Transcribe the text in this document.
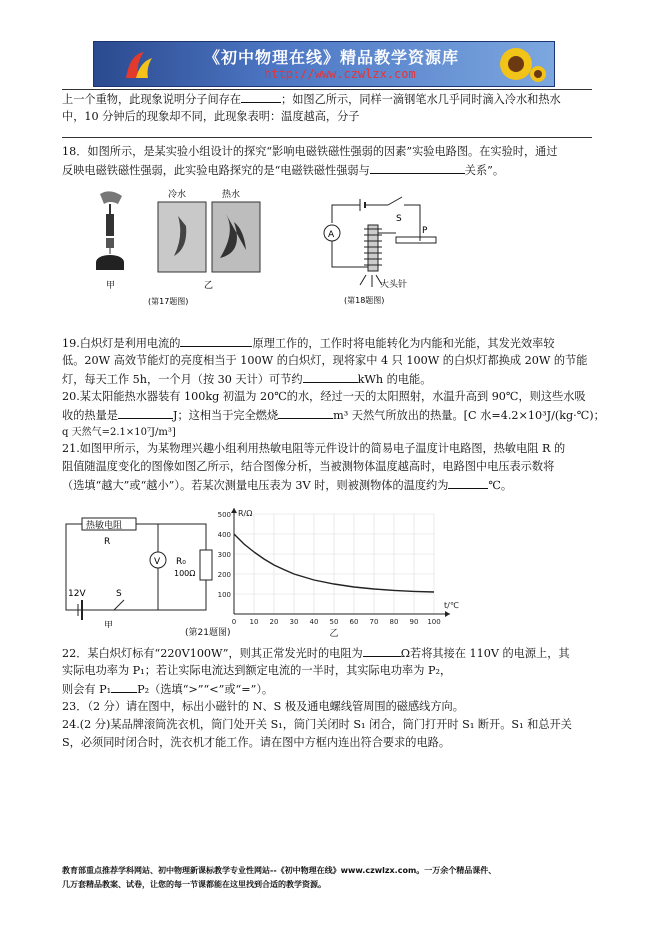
《初中物理在线》精品教学资源库
http://www.czwlzx.com
上一个重物，此现象说明分子间存在	；如图乙所示，同样一滴钢笔水几乎同时滴入冷水和热水
中，10 分钟后的现象却不同，此现象表明：温度越高，分子
18．如图所示，是某实验小组设计的探究“影响电磁铁磁性强弱的因素”实验电路图。在实验时，通过
反映电磁铁磁性强弱，此实验电路探究的是“电磁铁磁性强弱与	关系”。
冷水	热水
甲	乙
(第17题图)
S
A	P
大头针
(第18题图)
19.白炽灯是利用电流的	原理工作的，工作时将电能转化为内能和光能，其发光效率较
低。20W 高效节能灯的亮度相当于 100W 的白炽灯，现将家中 4 只 100W 的白炽灯都换成 20W 的节能
灯，每天工作 5h，一个月（按 30 天计）可节约	kWh 的电能。
20.某太阳能热水器装有 100kg 初温为 20℃的水，经过一天的太阳照射，水温升高到 90℃，则这些水吸
收的热量是	J；这相当于完全燃烧	m³ 天然气所放出的热量。[C 水=4.2×10³J/(kg·℃)；
q 天然气=2.1×10⁷J/m³]
21.如图甲所示，为某物理兴趣小组利用热敏电阻等元件设计的简易电子温度计电路图，热敏电阻 R 的
阻值随温度变化的图像如图乙所示，结合图像分析，当被测物体温度越高时，电路图中电压表示数将
（选填“越大”或“越小”）。若某次测量电压表为 3V 时，则被测物体的温度约为	℃。
热敏电阻
R
V R₀
100Ω
12V	S
甲
(第21题图)
0 10 20 30 40 50 60 70 80 90 100
100
200
300
400
500
t/℃
R/Ω
乙
22．某白炽灯标有“220V100W”，则其正常发光时的电阻为	Ω若将其接在 110V 的电源上，其
实际电功率为 P₁；若让实际电流达到额定电流的一半时，其实际电功率为 P₂，
则会有 P₁ P₂（选填“>”“<”或“=”）。
23．（2 分）请在图中，标出小磁针的 N、S 极及通电螺线管周围的磁感线方向。
24.(2 分)某品牌滚筒洗衣机，筒门处开关 S₁，筒门关闭时 S₁ 闭合，筒门打开时 S₁ 断开。S₁ 和总开关
S，必须同时闭合时，洗衣机才能工作。请在图中方框内连出符合要求的电路。
教育部重点推荐学科网站、初中物理新课标教学专业性网站--《初中物理在线》www.czwlzx.com。一万余个精品课件、
几万套精品教案、试卷，让您的每一节课都能在这里找到合适的教学资源。
